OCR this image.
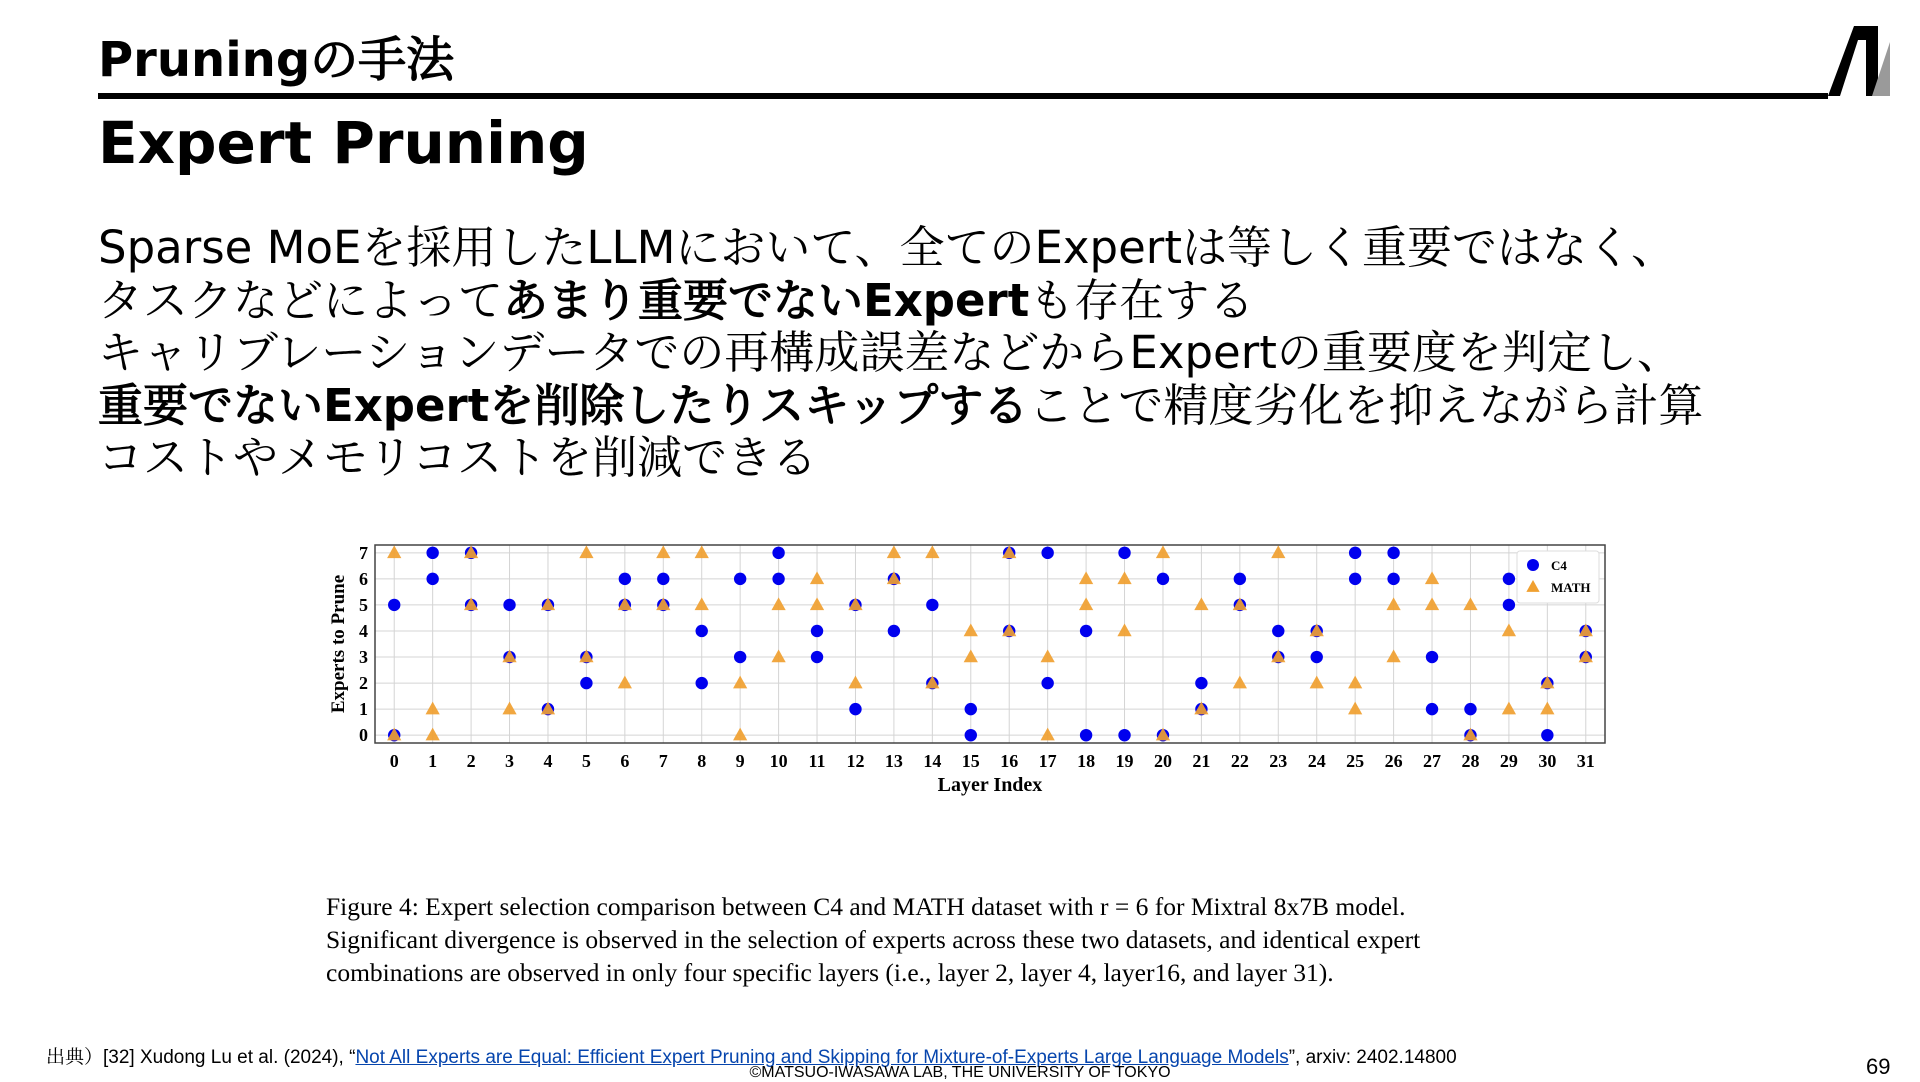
Pruningの手法
Expert Pruning

Sparse MoEを採用したLLMにおいて、全てのExpertは等しく重要ではなく、

タスクなどによってあまり重要でないExpertも存在する

キャリブレーションデータでの再構成誤差などからExpertの重要度を判定し、

重要でないExpertを削除したりスキップすることで精度劣化を抑えながら計算

コストやメモリコストを削減できる

0
1
2
3
4
5
6
7
0 1 2 3 4 5 6 7 8 9 10 11 12 13 14 15 16 17 18 19 20 21 22 23 24 25 26 27 28 29 30 31
Experts to Prune
Layer Index
C4
MATH

Figure 4: Expert selection comparison between C4 and MATH dataset with r = 6 for Mixtral 8x7B model.

Significant divergence is observed in the selection of experts across these two datasets, and identical expert

combinations are observed in only four specific layers (i.e., layer 2, layer 4, layer16, and layer 31).

出典）[32] Xudong Lu et al. (2024), “Not All Experts are Equal: Efficient Expert Pruning and Skipping for Mixture-of-Experts Large Language Models”, arxiv: 2402.14800
©MATSUO-IWASAWA LAB, THE UNIVERSITY OF TOKYO	69
